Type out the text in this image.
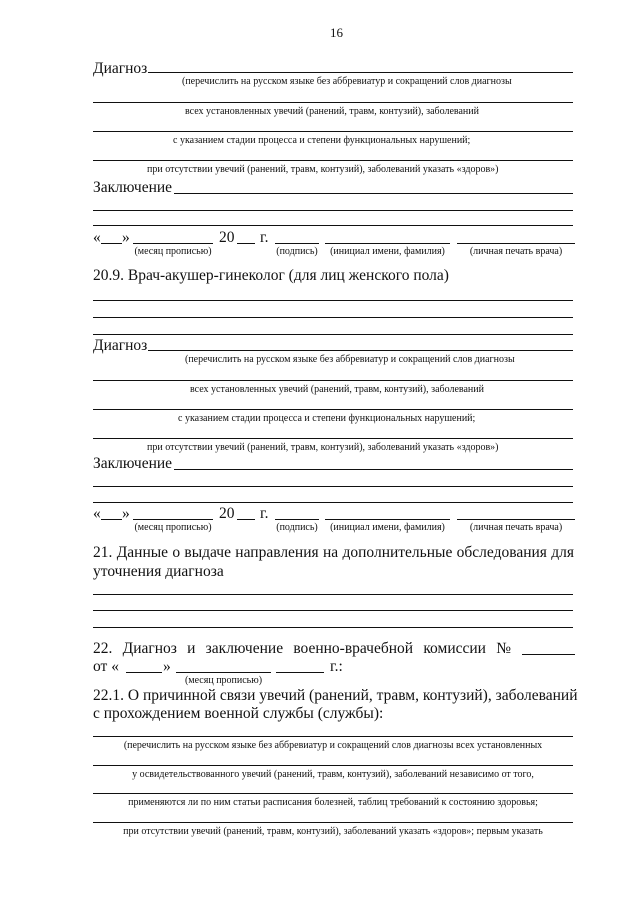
16
Диагноз
(перечислить на русском языке без аббревиатур и сокращений слов диагнозы
всех установленных увечий (ранений, травм, контузий), заболеваний
с указанием стадии процесса и степени функциональных нарушений;
при отсутствии увечий (ранений, травм, контузий), заболеваний указать «здоров»)
Заключение
« »	20 г.
(месяц прописью)	(подпись)	(инициал имени, фамилия)	(личная печать врача)
20.9. Врач-акушер-гинеколог (для лиц женского пола)
Диагноз
(перечислить на русском языке без аббревиатур и сокращений слов диагнозы
всех установленных увечий (ранений, травм, контузий), заболеваний
с указанием стадии процесса и степени функциональных нарушений;
при отсутствии увечий (ранений, травм, контузий), заболеваний указать «здоров»)
Заключение
« »	20 г.
(месяц прописью)	(подпись)	(инициал имени, фамилия)	(личная печать врача)
21. Данные о выдаче направления на дополнительные обследования для
уточнения диагноза
22. Диагноз и заключение военно-врачебной комиссии №
от «	»	г.:
(месяц прописью)
22.1. О причинной связи увечий (ранений, травм, контузий), заболеваний
с прохождением военной службы (службы):
(перечислить на русском языке без аббревиатур и сокращений слов диагнозы всех установленных
у освидетельствованного увечий (ранений, травм, контузий), заболеваний независимо от того,
применяются ли по ним статьи расписания болезней, таблиц требований к состоянию здоровья;
при отсутствии увечий (ранений, травм, контузий), заболеваний указать «здоров»; первым указать
